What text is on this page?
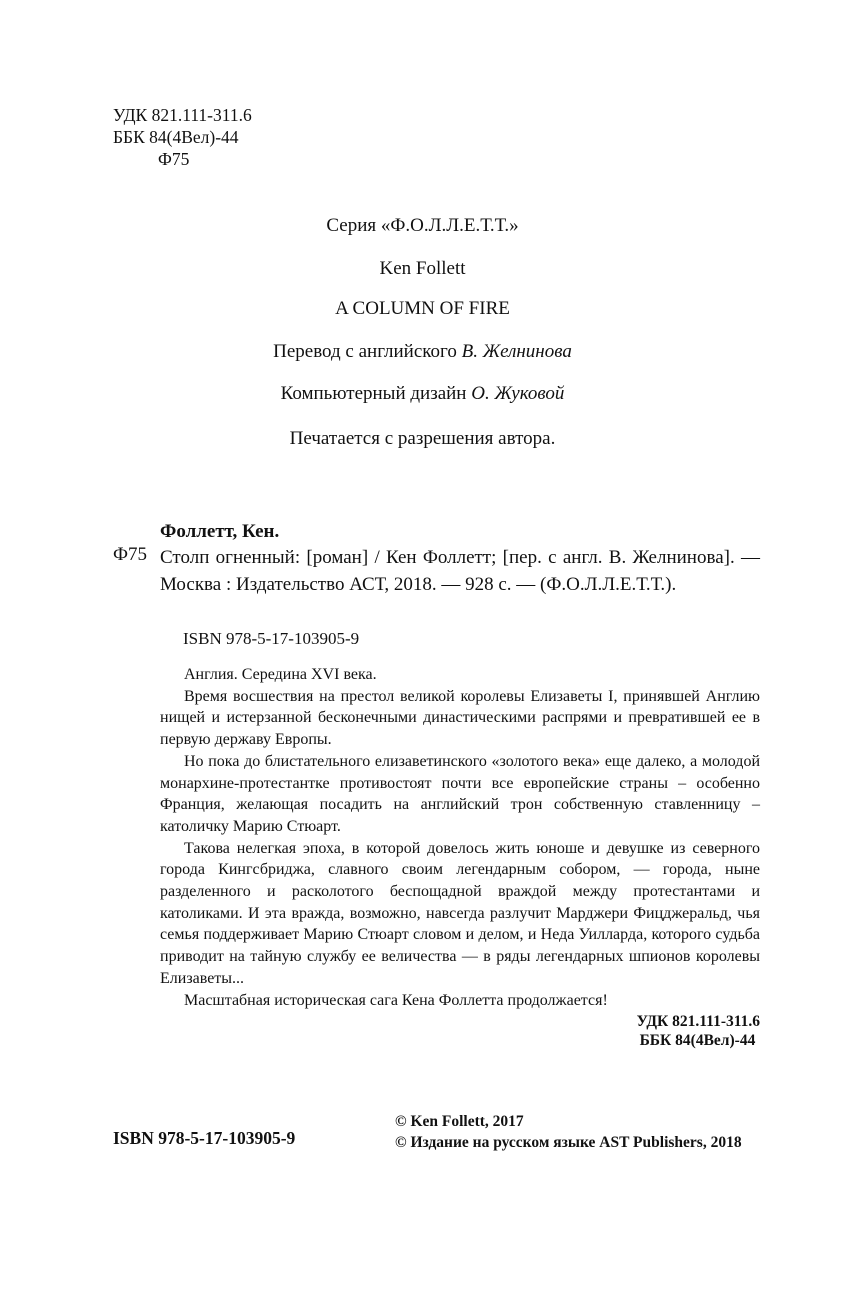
УДК 821.111-311.6
ББК 84(4Вел)-44
Ф75
Серия «Ф.О.Л.Л.Е.Т.Т.»
Ken Follett
A COLUMN OF FIRE
Перевод с английского В. Желнинова
Компьютерный дизайн О. Жуковой
Печатается с разрешения автора.
Фоллетт, Кен.
Ф75 Столп огненный: [роман] / Кен Фоллетт; [пер. с англ. В. Желнинова]. — Москва : Издательство АСТ, 2018. — 928 с. — (Ф.О.Л.Л.Е.Т.Т.).
ISBN 978-5-17-103905-9

Англия. Середина XVI века.

Время восшествия на престол великой королевы Елизаветы I, принявшей Англию нищей и истерзанной бесконечными династическими распрями и превратившей ее в первую державу Европы.

Но пока до блистательного елизаветинского «золотого века» еще далеко, а молодой монархине-протестантке противостоят почти все европейские страны – особенно Франция, желающая посадить на английский трон собственную ставленницу – католичку Марию Стюарт.

Такова нелегкая эпоха, в которой довелось жить юноше и девушке из северного города Кингсбриджа, славного своим легендарным собором, — города, ныне разделенного и расколотого беспощадной враждой между протестантами и католиками. И эта вражда, возможно, навсегда разлучит Марджери Фицджеральд, чья семья поддерживает Марию Стюарт словом и делом, и Неда Уилларда, которого судьба приводит на тайную службу ее величества — в ряды легендарных шпионов королевы Елизаветы...

Масштабная историческая сага Кена Фоллетта продолжается!

УДК 821.111-311.6
ББК 84(4Вел)-44
ISBN 978-5-17-103905-9
© Ken Follett, 2017
© Издание на русском языке AST Publishers, 2018
